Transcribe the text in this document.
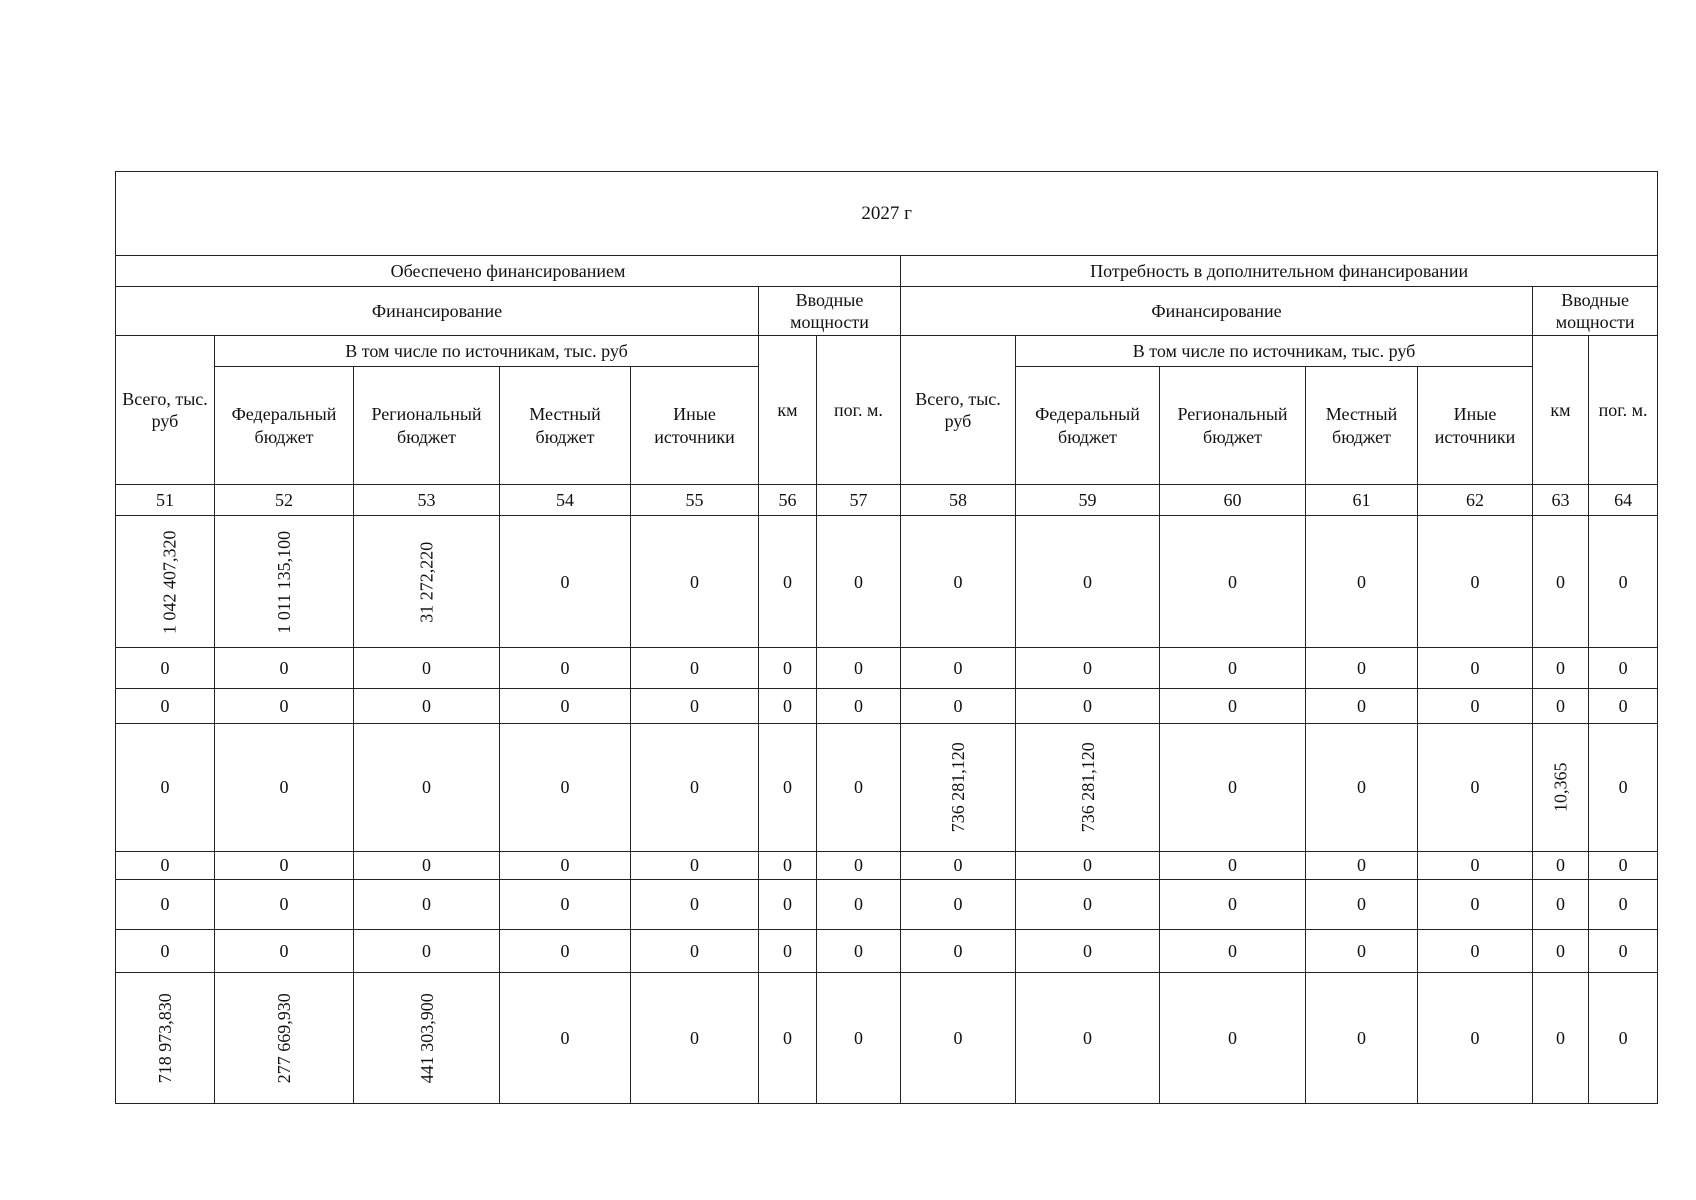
2027 г													
Обеспечено финансированием							Потребность в дополнительном финансировании						
Финансирование					Вводные мощности		Финансирование					Вводные мощности	
Всего, тыс. руб	В том числе по источникам, тыс. руб				км	пог. м.	Всего, тыс. руб	В том числе по источникам, тыс. руб				км	пог. м.
	Федеральный бюджет	Региональный бюджет	Местный бюджет	Иные источники				Федеральный бюджет	Региональный бюджет	Местный бюджет	Иные источники		
51	52	53	54	55	56	57	58	59	60	61	62	63	64
1 042 407,320	1 011 135,100	31 272,220	0	0	0	0	0	0	0	0	0	0	0
0	0	0	0	0	0	0	0	0	0	0	0	0	0
0	0	0	0	0	0	0	0	0	0	0	0	0	0
0	0	0	0	0	0	0	736 281,120	736 281,120	0	0	0	10,365	0
0	0	0	0	0	0	0	0	0	0	0	0	0	0
0	0	0	0	0	0	0	0	0	0	0	0	0	0
0	0	0	0	0	0	0	0	0	0	0	0	0	0
718 973,830	277 669,930	441 303,900	0	0	0	0	0	0	0	0	0	0	0
